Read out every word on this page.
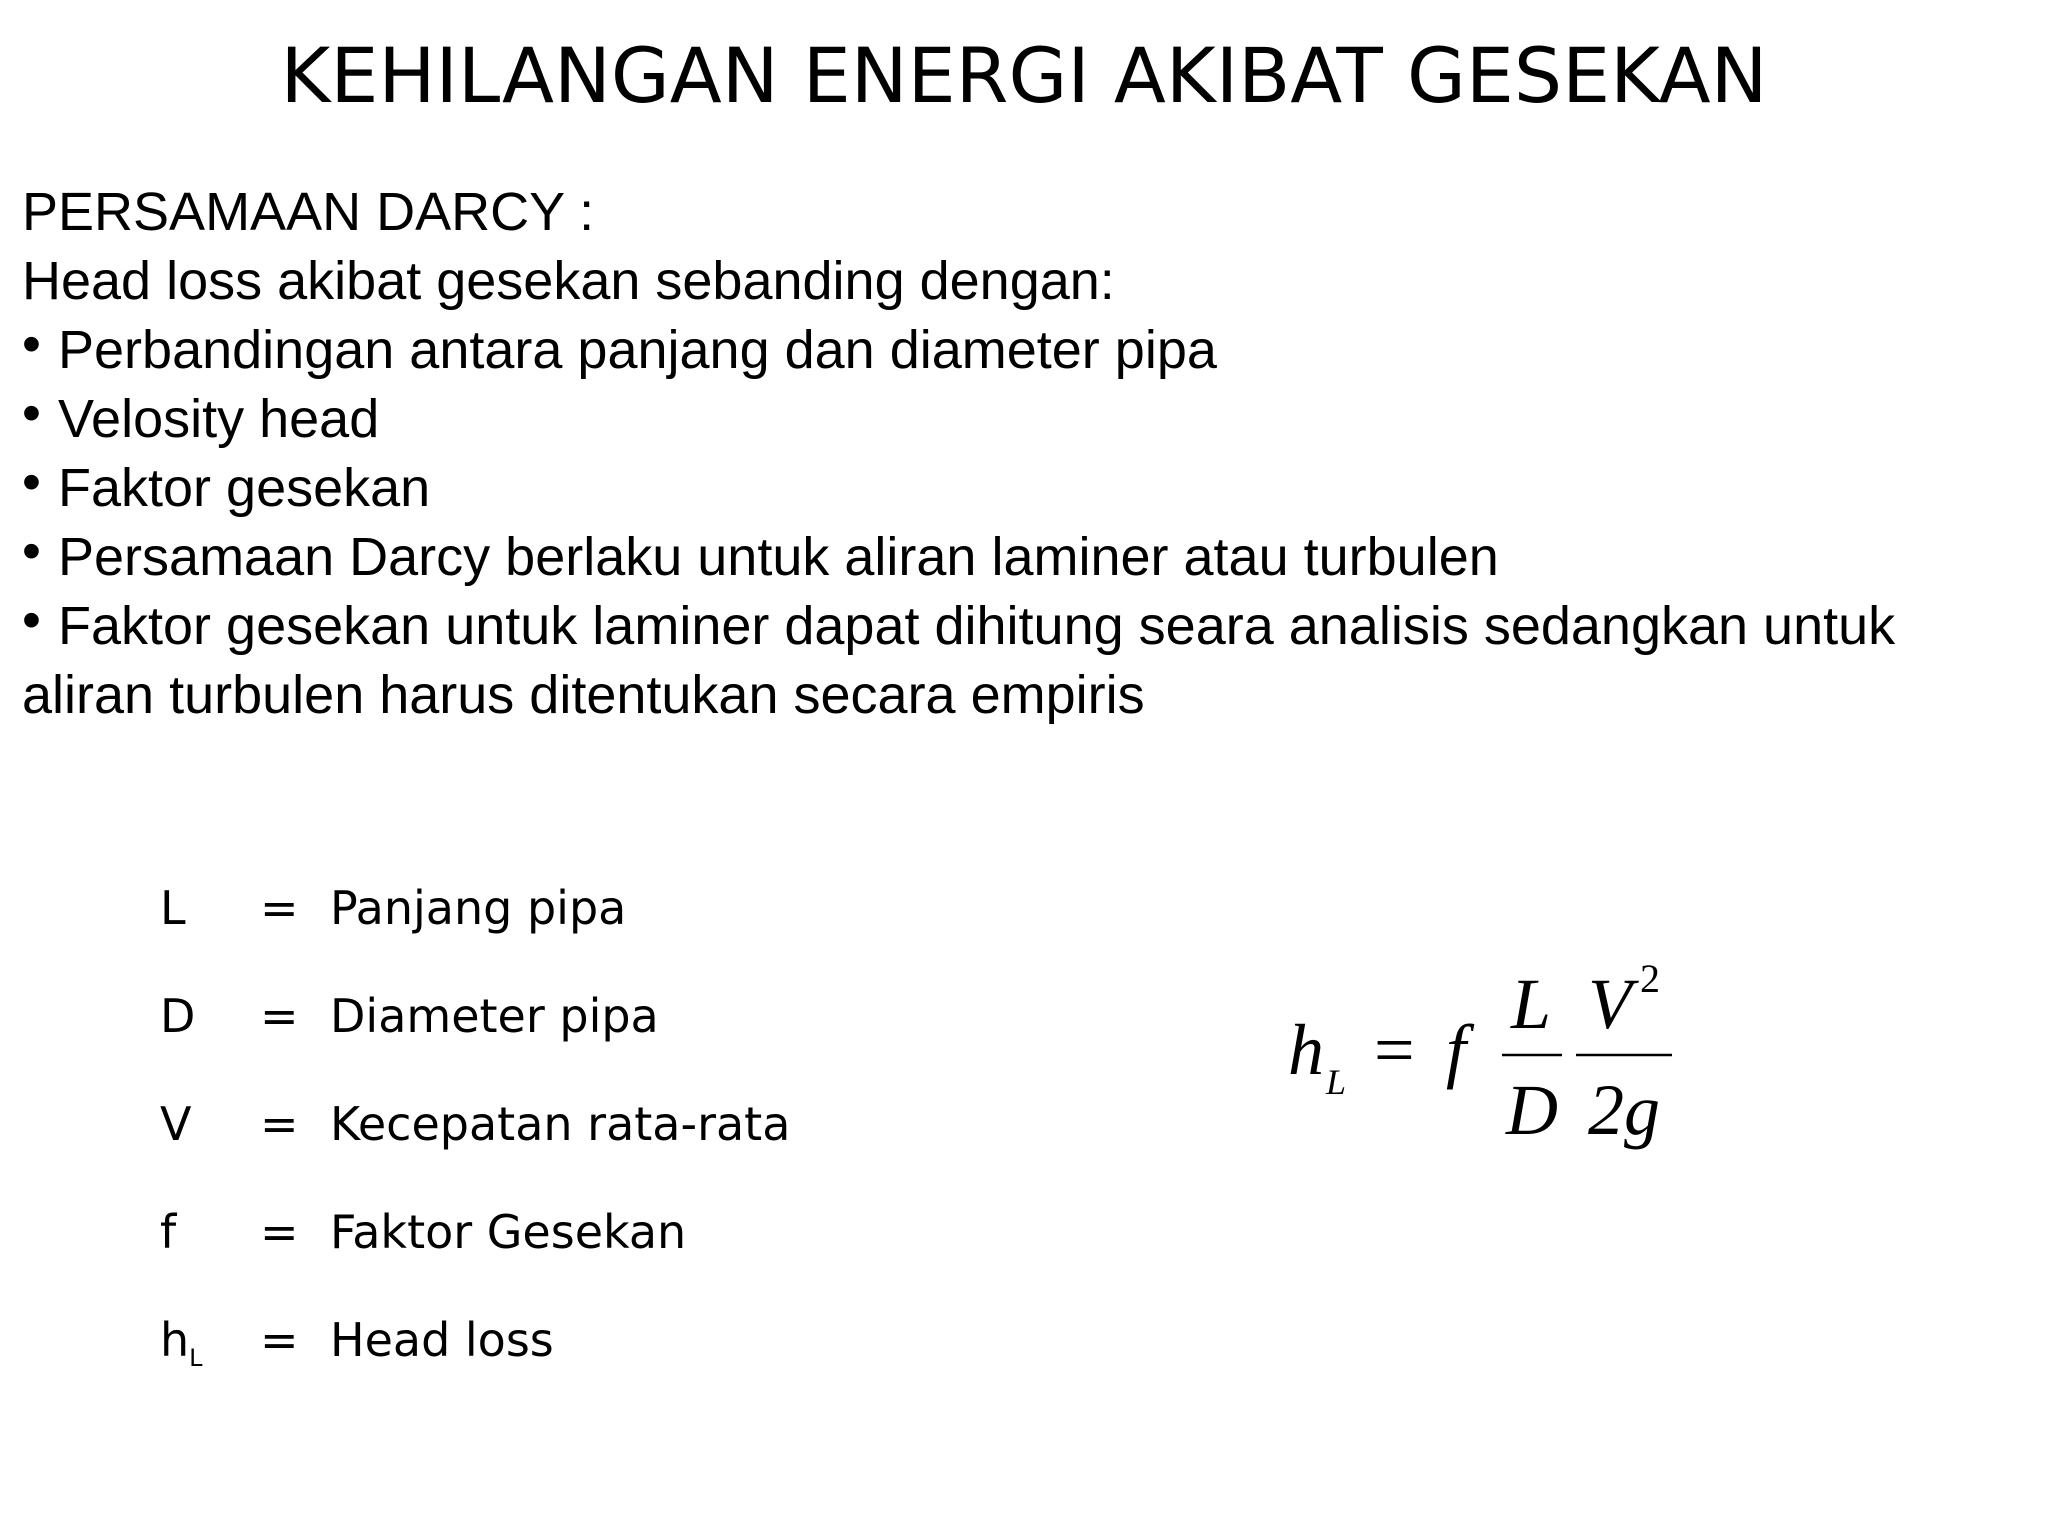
KEHILANGAN ENERGI AKIBAT GESEKAN
PERSAMAAN DARCY :
Head loss akibat gesekan sebanding dengan:
• Perbandingan antara panjang dan diameter pipa
• Velosity head
• Faktor gesekan
• Persamaan Darcy berlaku untuk aliran laminer atau turbulen
• Faktor gesekan untuk laminer dapat dihitung seara analisis sedangkan untuk
aliran turbulen harus ditentukan secara empiris
L = Panjang pipa
D = Diameter pipa
V = Kecepatan rata-rata
f = Faktor Gesekan
$h_L$ = Head loss
h L = f
L
D
V 2
2g
